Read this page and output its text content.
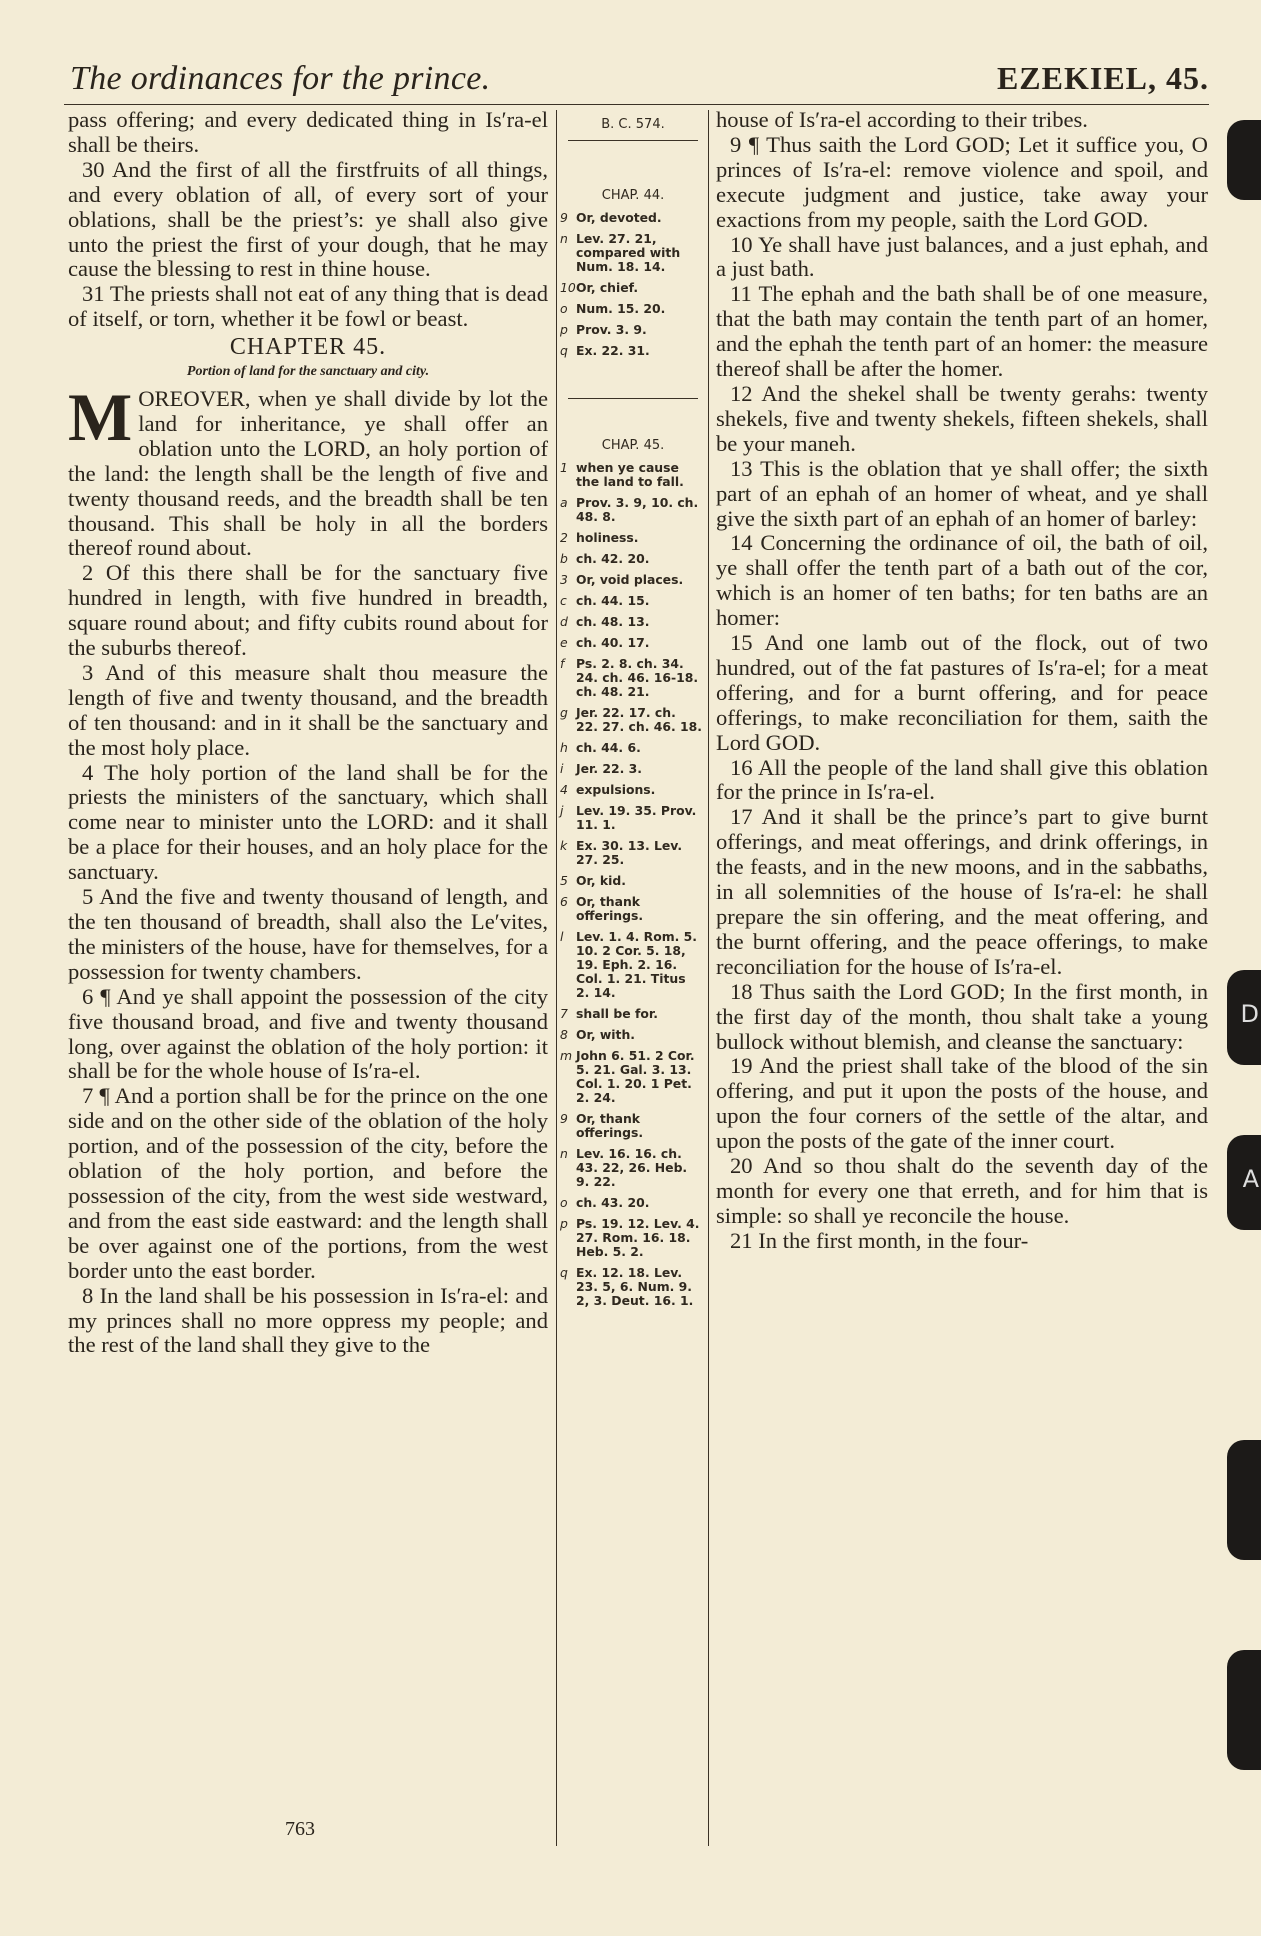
The ordinances for the prince.	EZEKIEL, 45.

pass offering; and every dedicated thing in Is′ra-el shall be theirs.

30 And the first of all the firstfruits of all things, and every oblation of all, of every sort of your oblations, shall be the priest’s: ye shall also give unto the priest the first of your dough, that he may cause the blessing to rest in thine house.

31 The priests shall not eat of any thing that is dead of itself, or torn, whether it be fowl or beast.

CHAPTER 45.
Portion of land for the sanctuary and city.

MOREOVER, when ye shall divide by lot the land for inheritance, ye shall offer an oblation unto the LORD, an holy portion of the land: the length shall be the length of five and twenty thousand reeds, and the breadth shall be ten thousand. This shall be holy in all the borders thereof round about.

2 Of this there shall be for the sanctuary five hundred in length, with five hundred in breadth, square round about; and fifty cubits round about for the suburbs thereof.

3 And of this measure shalt thou measure the length of five and twenty thousand, and the breadth of ten thousand: and in it shall be the sanctuary and the most holy place.

4 The holy portion of the land shall be for the priests the ministers of the sanctuary, which shall come near to minister unto the LORD: and it shall be a place for their houses, and an holy place for the sanctuary.

5 And the five and twenty thousand of length, and the ten thousand of breadth, shall also the Le′vites, the ministers of the house, have for themselves, for a possession for twenty chambers.

6 ¶ And ye shall appoint the possession of the city five thousand broad, and five and twenty thousand long, over against the oblation of the holy portion: it shall be for the whole house of Is′ra-el.

7 ¶ And a portion shall be for the prince on the one side and on the other side of the oblation of the holy portion, and of the possession of the city, before the oblation of the holy portion, and before the possession of the city, from the west side westward, and from the east side eastward: and the length shall be over against one of the portions, from the west border unto the east border.

8 In the land shall be his possession in Is′ra-el: and my princes shall no more oppress my people; and the rest of the land shall they give to the

B. C. 574.
CHAP. 44.
9 Or, devoted.
n Lev. 27. 21, compared with Num. 18. 14.
10Or, chief.
o Num. 15. 20.
p Prov. 3. 9.
q Ex. 22. 31.
CHAP. 45.
1 when ye cause the land to fall.
a Prov. 3. 9, 10. ch. 48. 8.
2 holiness.
b ch. 42. 20.
3 Or, void places.
c ch. 44. 15.
d ch. 48. 13.
e ch. 40. 17.
f Ps. 2. 8. ch. 34. 24. ch. 46. 16-18. ch. 48. 21.
g Jer. 22. 17. ch. 22. 27. ch. 46. 18.
h ch. 44. 6.
i Jer. 22. 3.
4 expulsions.
j Lev. 19. 35. Prov. 11. 1.
k Ex. 30. 13. Lev. 27. 25.
5 Or, kid.
6 Or, thank offerings.
l Lev. 1. 4. Rom. 5. 10. 2 Cor. 5. 18, 19. Eph. 2. 16. Col. 1. 21. Titus 2. 14.
7 shall be for.
8 Or, with.
m John 6. 51. 2 Cor. 5. 21. Gal. 3. 13. Col. 1. 20. 1 Pet. 2. 24.
9 Or, thank offerings.
n Lev. 16. 16. ch. 43. 22, 26. Heb. 9. 22.
o ch. 43. 20.
p Ps. 19. 12. Lev. 4. 27. Rom. 16. 18. Heb. 5. 2.
q Ex. 12. 18. Lev. 23. 5, 6. Num. 9. 2, 3. Deut. 16. 1.

house of Is′ra-el according to their tribes.

9 ¶ Thus saith the Lord GOD; Let it suffice you, O princes of Is′ra-el: remove violence and spoil, and execute judgment and justice, take away your exactions from my people, saith the Lord GOD.

10 Ye shall have just balances, and a just ephah, and a just bath.

11 The ephah and the bath shall be of one measure, that the bath may contain the tenth part of an homer, and the ephah the tenth part of an homer: the measure thereof shall be after the homer.

12 And the shekel shall be twenty gerahs: twenty shekels, five and twenty shekels, fifteen shekels, shall be your maneh.

13 This is the oblation that ye shall offer; the sixth part of an ephah of an homer of wheat, and ye shall give the sixth part of an ephah of an homer of barley:

14 Concerning the ordinance of oil, the bath of oil, ye shall offer the tenth part of a bath out of the cor, which is an homer of ten baths; for ten baths are an homer:

15 And one lamb out of the flock, out of two hundred, out of the fat pastures of Is′ra-el; for a meat offering, and for a burnt offering, and for peace offerings, to make reconciliation for them, saith the Lord GOD.

16 All the people of the land shall give this oblation for the prince in Is′ra-el.

17 And it shall be the prince’s part to give burnt offerings, and meat offerings, and drink offerings, in the feasts, and in the new moons, and in the sabbaths, in all solemnities of the house of Is′ra-el: he shall prepare the sin offering, and the meat offering, and the burnt offering, and the peace offerings, to make reconciliation for the house of Is′ra-el.

18 Thus saith the Lord GOD; In the first month, in the first day of the month, thou shalt take a young bullock without blemish, and cleanse the sanctuary:

19 And the priest shall take of the blood of the sin offering, and put it upon the posts of the house, and upon the four corners of the settle of the altar, and upon the posts of the gate of the inner court.

20 And so thou shalt do the seventh day of the month for every one that erreth, and for him that is simple: so shall ye reconcile the house.

21 In the first month, in the four-

763
D
A
